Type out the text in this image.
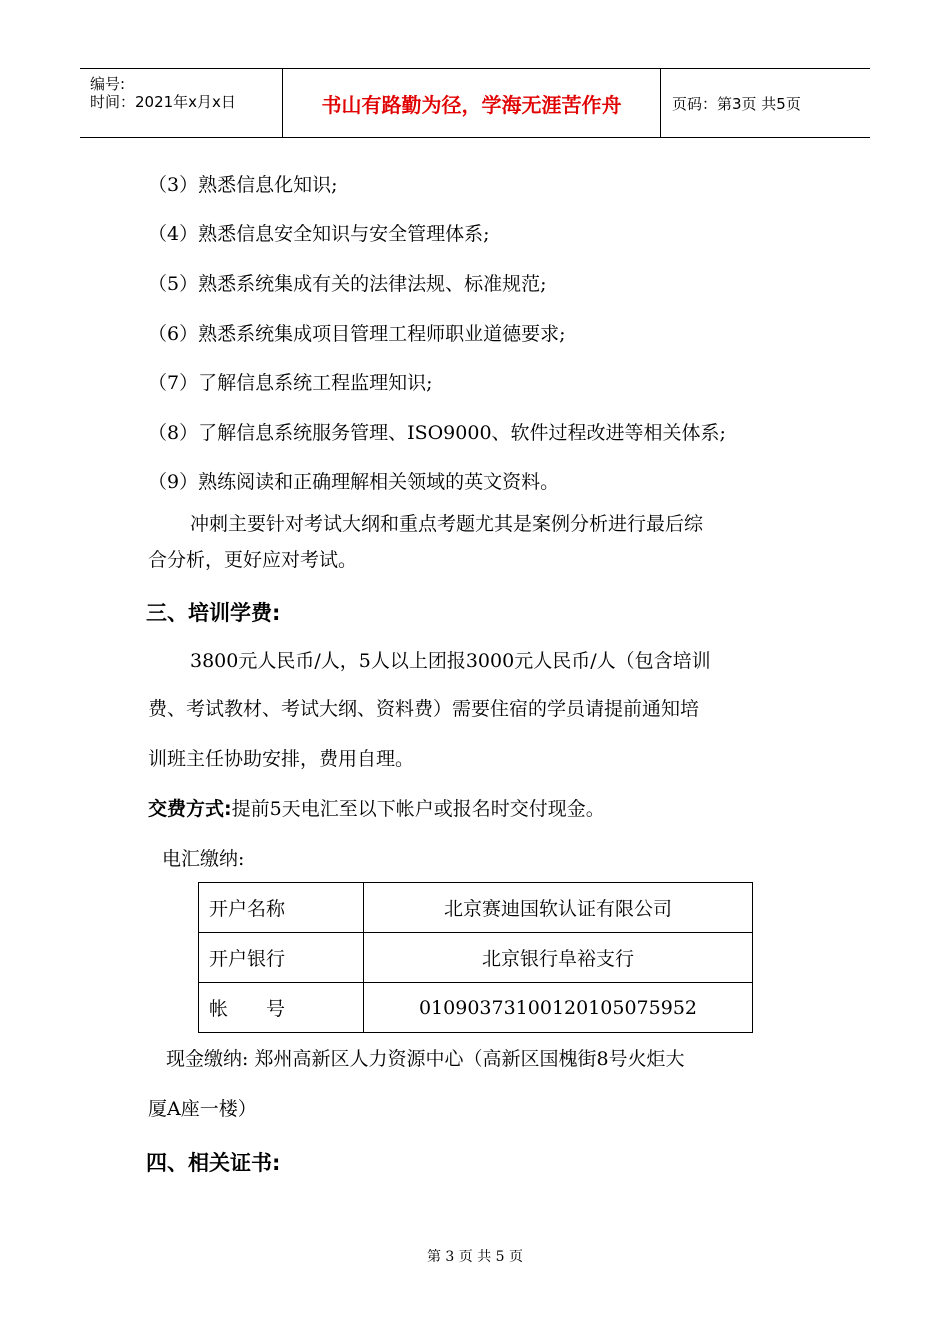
编号:
时间：2021年x月x日	书山有路勤为径，学海无涯苦作舟	页码：第3页 共5页
（3）熟悉信息化知识;
（4）熟悉信息安全知识与安全管理体系;
（5）熟悉系统集成有关的法律法规、标准规范;
（6）熟悉系统集成项目管理工程师职业道德要求;
（7）了解信息系统工程监理知识;
（8）了解信息系统服务管理、ISO9000、软件过程改进等相关体系;
（9）熟练阅读和正确理解相关领域的英文资料。
冲刺主要针对考试大纲和重点考题尤其是案例分析进行最后综
合分析，更好应对考试。
三、培训学费:
3800元人民币/人，5人以上团报3000元人民币/人（包含培训
费、考试教材、考试大纲、资料费）需要住宿的学员请提前通知培
训班主任协助安排，费用自理。
交费方式:提前5天电汇至以下帐户或报名时交付现金。
电汇缴纳:
开户名称	北京赛迪国软认证有限公司
开户银行	北京银行阜裕支行
帐　　号	01090373100120105075952
现金缴纳: 郑州高新区人力资源中心（高新区国槐街8号火炬大
厦A座一楼）
四、相关证书:
第 3 页 共 5 页
